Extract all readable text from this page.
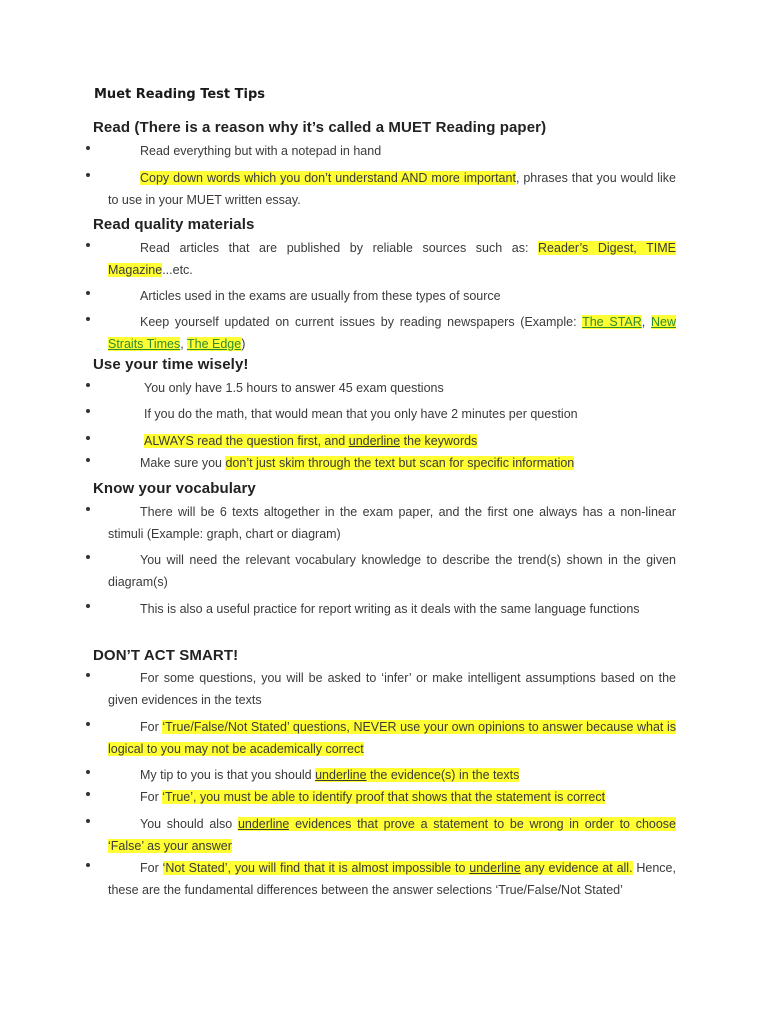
Muet Reading Test Tips
Read (There is a reason why it’s called a MUET Reading paper)
Read everything but with a notepad in hand
Copy down words which you don’t understand AND more important, phrases that you would like to use in your MUET written essay.
Read quality materials
Read articles that are published by reliable sources such as: Reader’s Digest, TIME Magazine...etc.
Articles used in the exams are usually from these types of source
Keep yourself updated on current issues by reading newspapers (Example: The STAR, New Straits Times, The Edge)
Use your time wisely!
You only have 1.5 hours to answer 45 exam questions
If you do the math, that would mean that you only have 2 minutes per question
ALWAYS read the question first, and underline the keywords
Make sure you don’t just skim through the text but scan for specific information
Know your vocabulary
There will be 6 texts altogether in the exam paper, and the first one always has a non-linear stimuli (Example: graph, chart or diagram)
You will need the relevant vocabulary knowledge to describe the trend(s) shown in the given diagram(s)
This is also a useful practice for report writing as it deals with the same language functions
DON’T ACT SMART!
For some questions, you will be asked to ‘infer’ or make intelligent assumptions based on the given evidences in the texts
For ‘True/False/Not Stated’ questions, NEVER use your own opinions to answer because what is logical to you may not be academically correct
My tip to you is that you should underline the evidence(s) in the texts
For ‘True’, you must be able to identify proof that shows that the statement is correct
You should also underline evidences that prove a statement to be wrong in order to choose ‘False’ as your answer
For ‘Not Stated’, you will find that it is almost impossible to underline any evidence at all. Hence, these are the fundamental differences between the answer selections ‘True/False/Not Stated’
